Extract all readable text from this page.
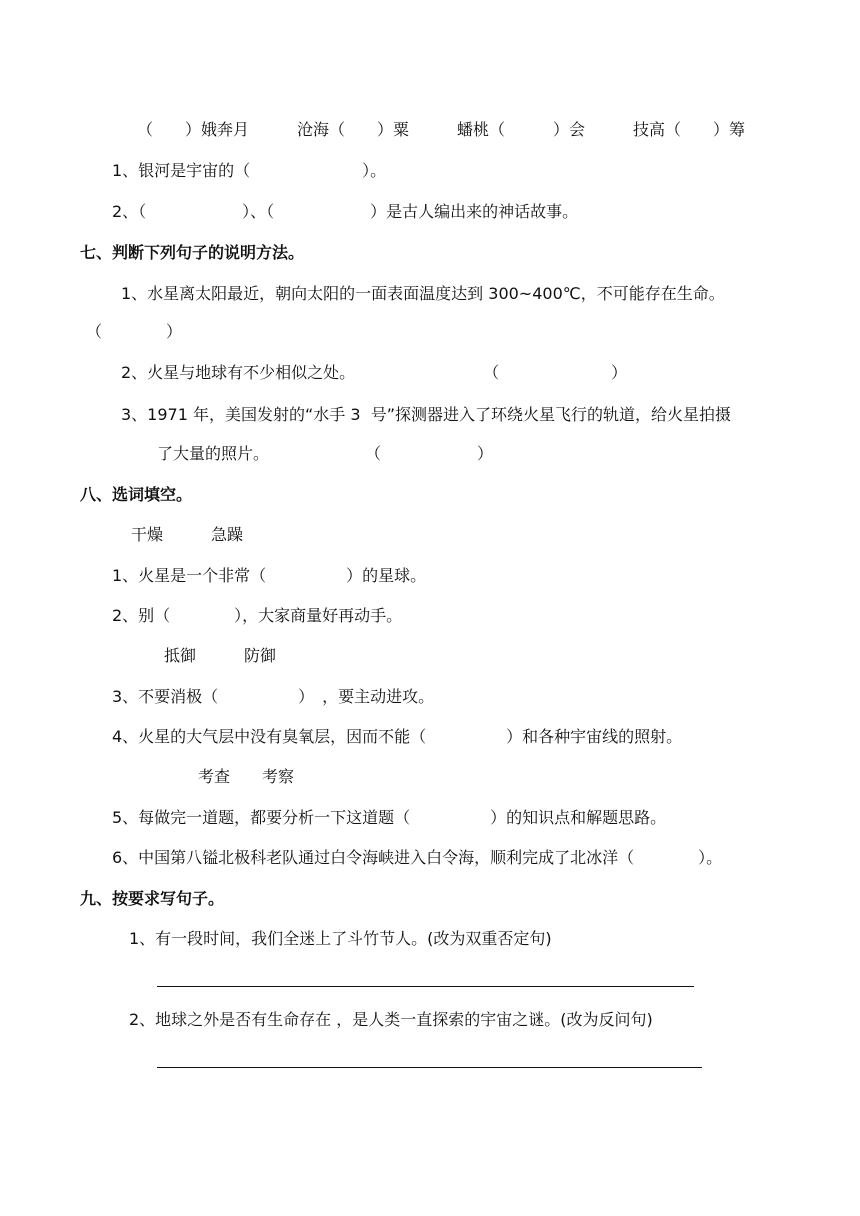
（　　）娥奔月　　　沧海（　　）粟　　　蟠桃（　　　）会　　　技高（　　）筹
1、银河是宇宙的（　　　　　　　）。
2、（　　　　　　）、（　　　　　　）是古人编出来的神话故事。
七、判断下列句子的说明方法。
1、水星离太阳最近，朝向太阳的一面表面温度达到 300~400℃，不可能存在生命。
（　　　　）
2、火星与地球有不少相似之处。　　　　　　　　　（　　　　　　　）
3、1971 年，美国发射的“水手 3  号”探测器进入了环绕火星飞行的轨道，给火星拍摄
了大量的照片。　　　　　　　（　　　　　　）
八、选词填空。
干燥　　　急躁
1、火星是一个非常（　　　　　）的星球。
2、别（　　　　），大家商量好再动手。
抵御　　　防御
3、不要消极（　　　　　）　，要主动进攻。
4、火星的大气层中没有臭氧层，因而不能（　　　　　）和各种宇宙线的照射。
考查　　考察
5、每做完一道题，都要分析一下这道题（　　　　　）的知识点和解题思路。
6、中国第八镒北极科老队通过白令海峡进入白令海，顺利完成了北冰洋（　　　　）。
九、按要求写句子。
1、有一段时间，我们全迷上了斗竹节人。(改为双重否定句)
2、地球之外是否有生命存在 ，是人类一直探索的宇宙之谜。(改为反问句)
